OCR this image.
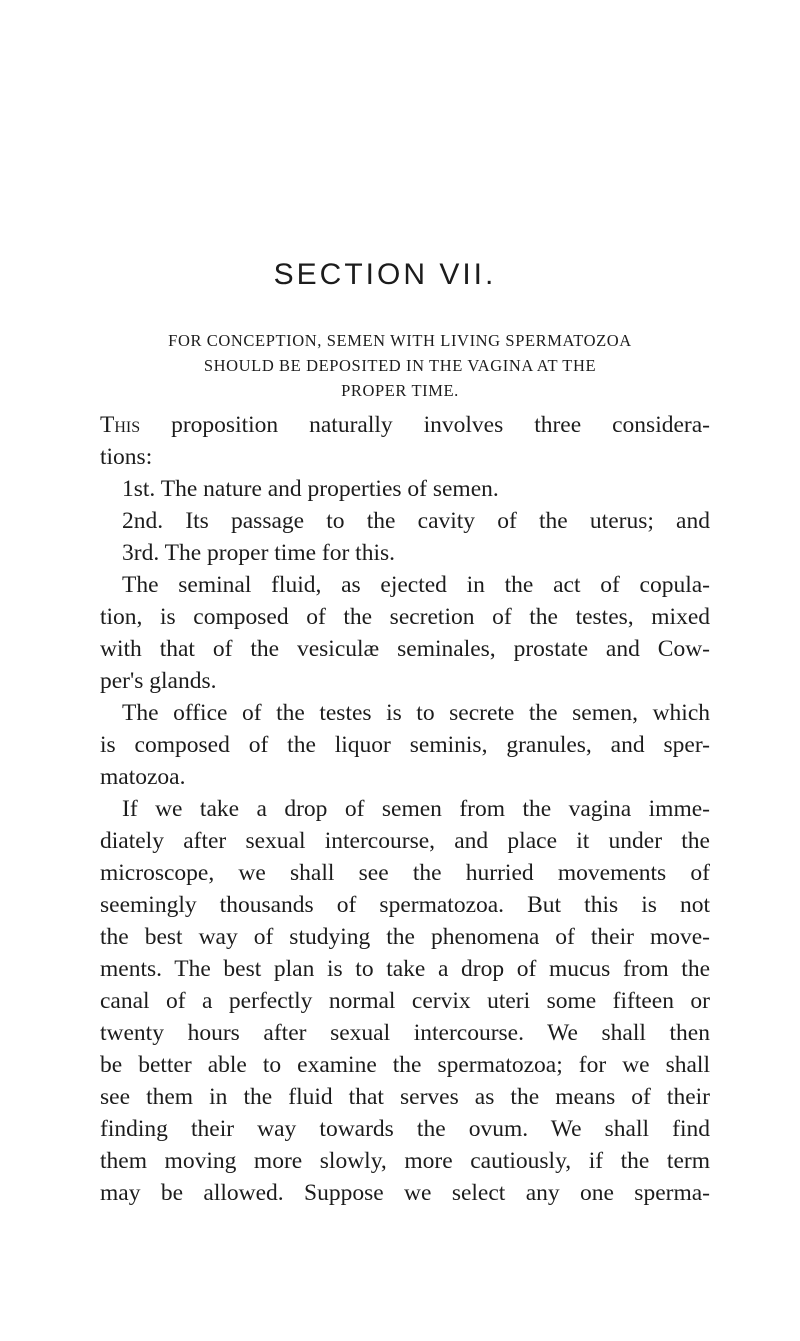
SECTION VII.
FOR CONCEPTION, SEMEN WITH LIVING SPERMATOZOA
SHOULD BE DEPOSITED IN THE VAGINA AT THE
PROPER TIME.
This proposition naturally involves three considera-
tions:
1st. The nature and properties of semen.
2nd. Its passage to the cavity of the uterus; and
3rd. The proper time for this.
The seminal fluid, as ejected in the act of copula-
tion, is composed of the secretion of the testes, mixed
with that of the vesiculæ seminales, prostate and Cow-
per's glands.
The office of the testes is to secrete the semen, which
is composed of the liquor seminis, granules, and sper-
matozoa.
If we take a drop of semen from the vagina imme-
diately after sexual intercourse, and place it under the
microscope, we shall see the hurried movements of
seemingly thousands of spermatozoa. But this is not
the best way of studying the phenomena of their move-
ments. The best plan is to take a drop of mucus from the
canal of a perfectly normal cervix uteri some fifteen or
twenty hours after sexual intercourse. We shall then
be better able to examine the spermatozoa; for we shall
see them in the fluid that serves as the means of their
finding their way towards the ovum. We shall find
them moving more slowly, more cautiously, if the term
may be allowed. Suppose we select any one sperma-
